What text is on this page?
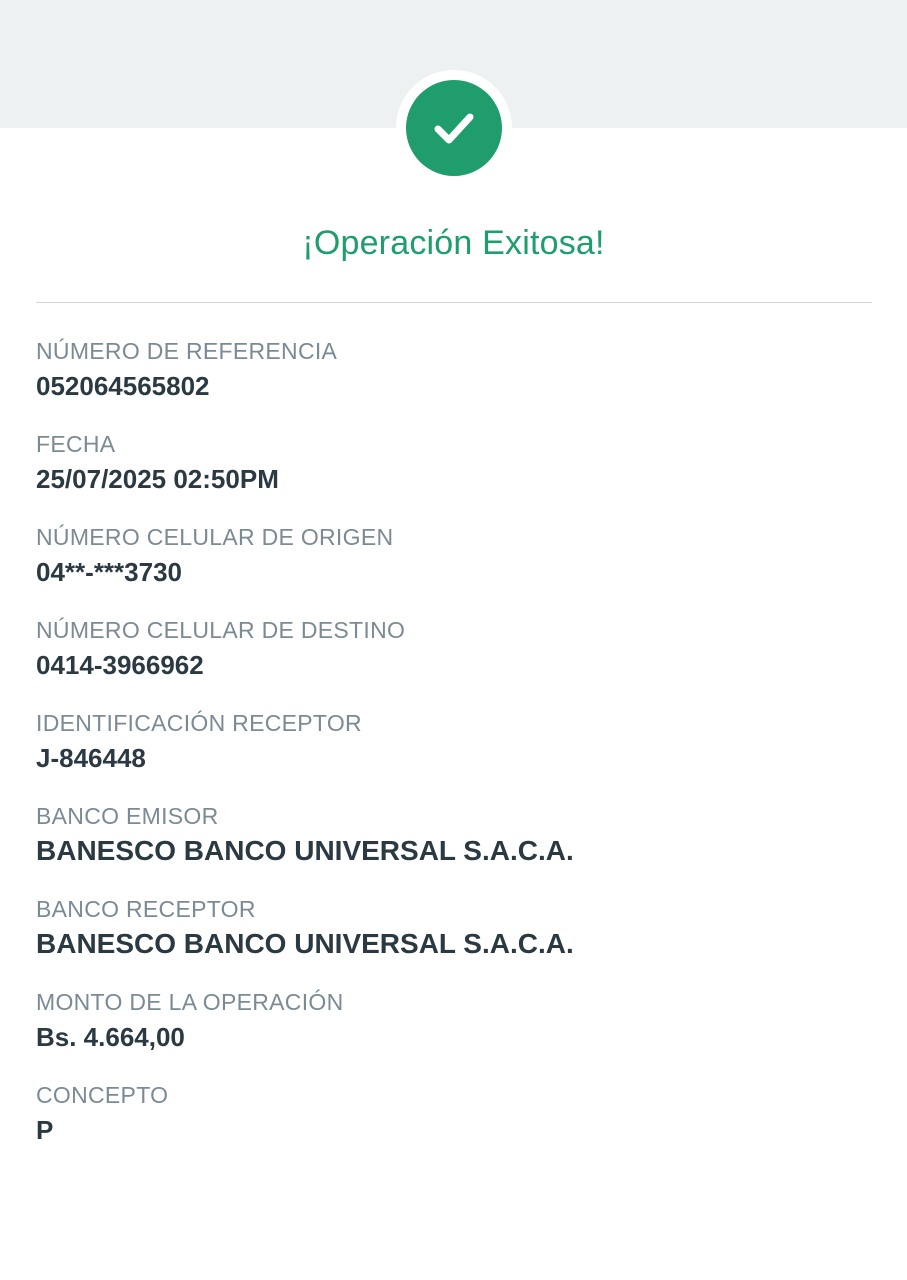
¡Operación Exitosa!
NÚMERO DE REFERENCIA
052064565802
FECHA
25/07/2025 02:50PM
NÚMERO CELULAR DE ORIGEN
04**-***3730
NÚMERO CELULAR DE DESTINO
0414-3966962
IDENTIFICACIÓN RECEPTOR
J-846448
BANCO EMISOR
BANESCO BANCO UNIVERSAL S.A.C.A.
BANCO RECEPTOR
BANESCO BANCO UNIVERSAL S.A.C.A.
MONTO DE LA OPERACIÓN
Bs. 4.664,00
CONCEPTO
P
